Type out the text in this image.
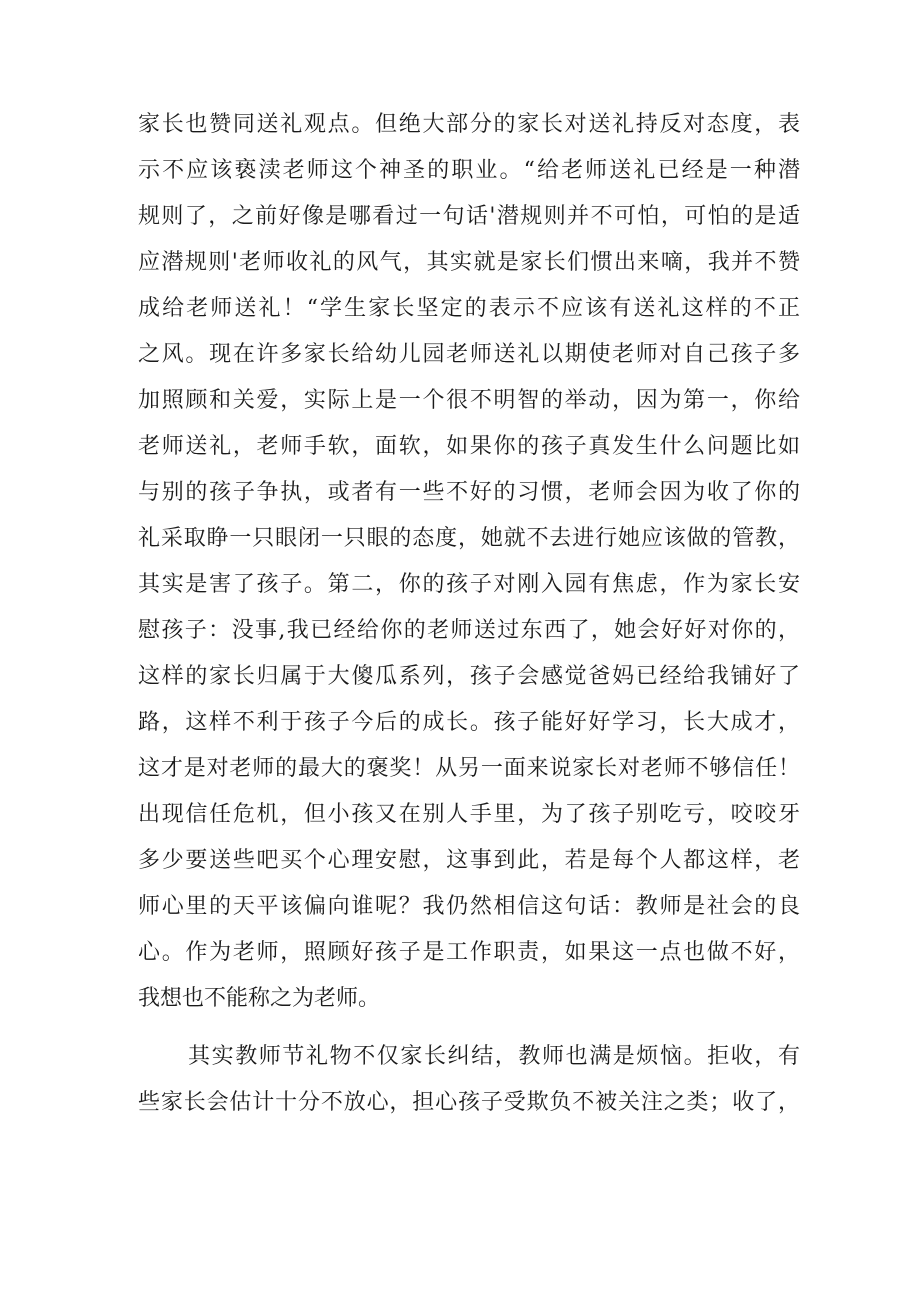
家长也赞同送礼观点。但绝大部分的家长对送礼持反对态度，表
示不应该亵渎老师这个神圣的职业。“给老师送礼已经是一种潜
规则了，之前好像是哪看过一句话'潜规则并不可怕，可怕的是适
应潜规则'老师收礼的风气，其实就是家长们惯出来嘀，我并不赞
成给老师送礼！“学生家长坚定的表示不应该有送礼这样的不正
之风。现在许多家长给幼儿园老师送礼以期使老师对自己孩子多
加照顾和关爱，实际上是一个很不明智的举动，因为第一，你给
老师送礼，老师手软，面软，如果你的孩子真发生什么问题比如
与别的孩子争执，或者有一些不好的习惯，老师会因为收了你的
礼采取睁一只眼闭一只眼的态度，她就不去进行她应该做的管教，
其实是害了孩子。第二，你的孩子对刚入园有焦虑，作为家长安
慰孩子：没事,我已经给你的老师送过东西了，她会好好对你的，
这样的家长归属于大傻瓜系列，孩子会感觉爸妈已经给我铺好了
路，这样不利于孩子今后的成长。孩子能好好学习，长大成才，
这才是对老师的最大的褒奖！从另一面来说家长对老师不够信任！
出现信任危机，但小孩又在别人手里，为了孩子别吃亏，咬咬牙
多少要送些吧买个心理安慰，这事到此，若是每个人都这样，老
师心里的天平该偏向谁呢？我仍然相信这句话：教师是社会的良
心。作为老师，照顾好孩子是工作职责，如果这一点也做不好，
我想也不能称之为老师。
其实教师节礼物不仅家长纠结，教师也满是烦恼。拒收，有
些家长会估计十分不放心，担心孩子受欺负不被关注之类；收了，
